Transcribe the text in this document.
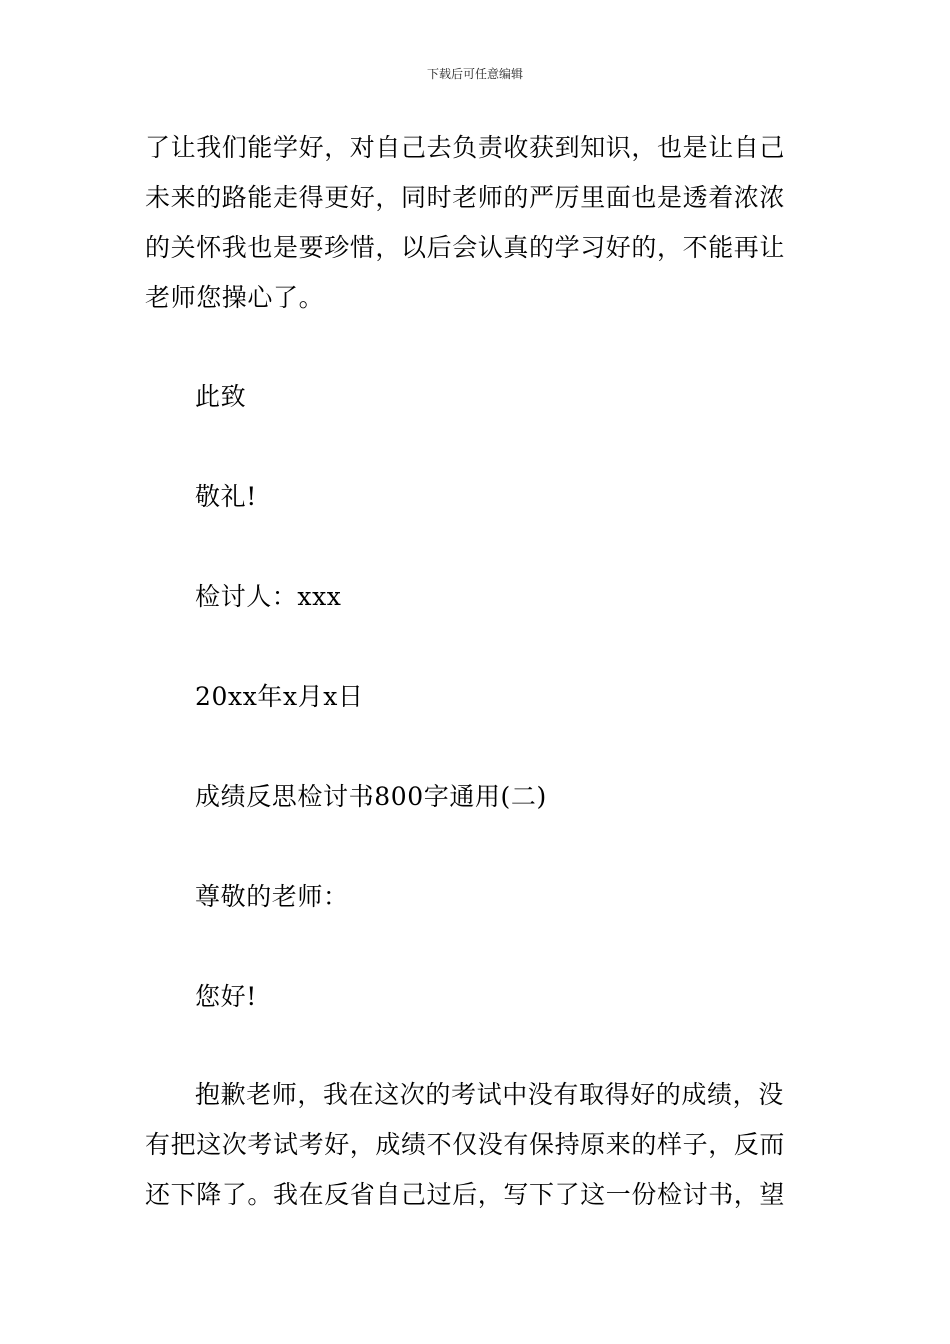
下载后可任意编辑
了让我们能学好，对自己去负责收获到知识，也是让自己
未来的路能走得更好，同时老师的严厉里面也是透着浓浓
的关怀我也是要珍惜，以后会认真的学习好的，不能再让
老师您操心了。
此致
敬礼!
检讨人：xxx
20xx年x月x日
成绩反思检讨书800字通用(二)
尊敬的老师：
您好!
抱歉老师，我在这次的考试中没有取得好的成绩，没
有把这次考试考好，成绩不仅没有保持原来的样子，反而
还下降了。我在反省自己过后，写下了这一份检讨书，望
